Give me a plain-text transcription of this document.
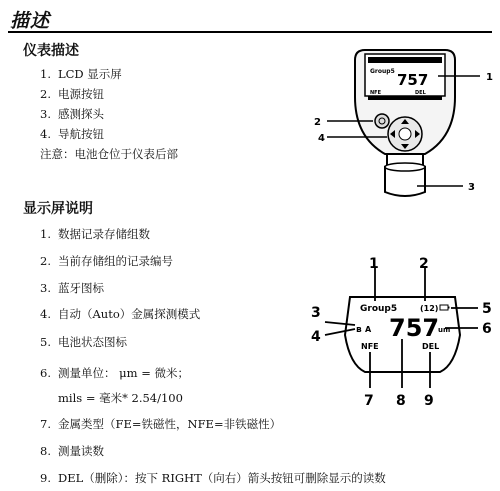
描述
仪表描述
1. LCD 显示屏
2. 电源按钮
3. 感测探头
4. 导航按钮
注意：电池仓位于仪表后部
Group5 757
NFE	DEL
1
2
4
3
显示屏说明
1. 数据记录存储组数
2. 当前存储组的记录编号
3. 蓝牙图标
4. 自动（Auto）金属探测模式
5. 电池状态图标
6. 测量单位： μm = 微米；
mils = 毫米* 2.54/100
7. 金属类型（FE=铁磁性，NFE=非铁磁性）
8. 测量读数
9. DEL（删除）：按下 RIGHT（向右）箭头按钮可删除显示的读数
Group5	(12)
ʙ A 757
um
NFE	DEL
1	2
3
4
5
6
7 8 9
